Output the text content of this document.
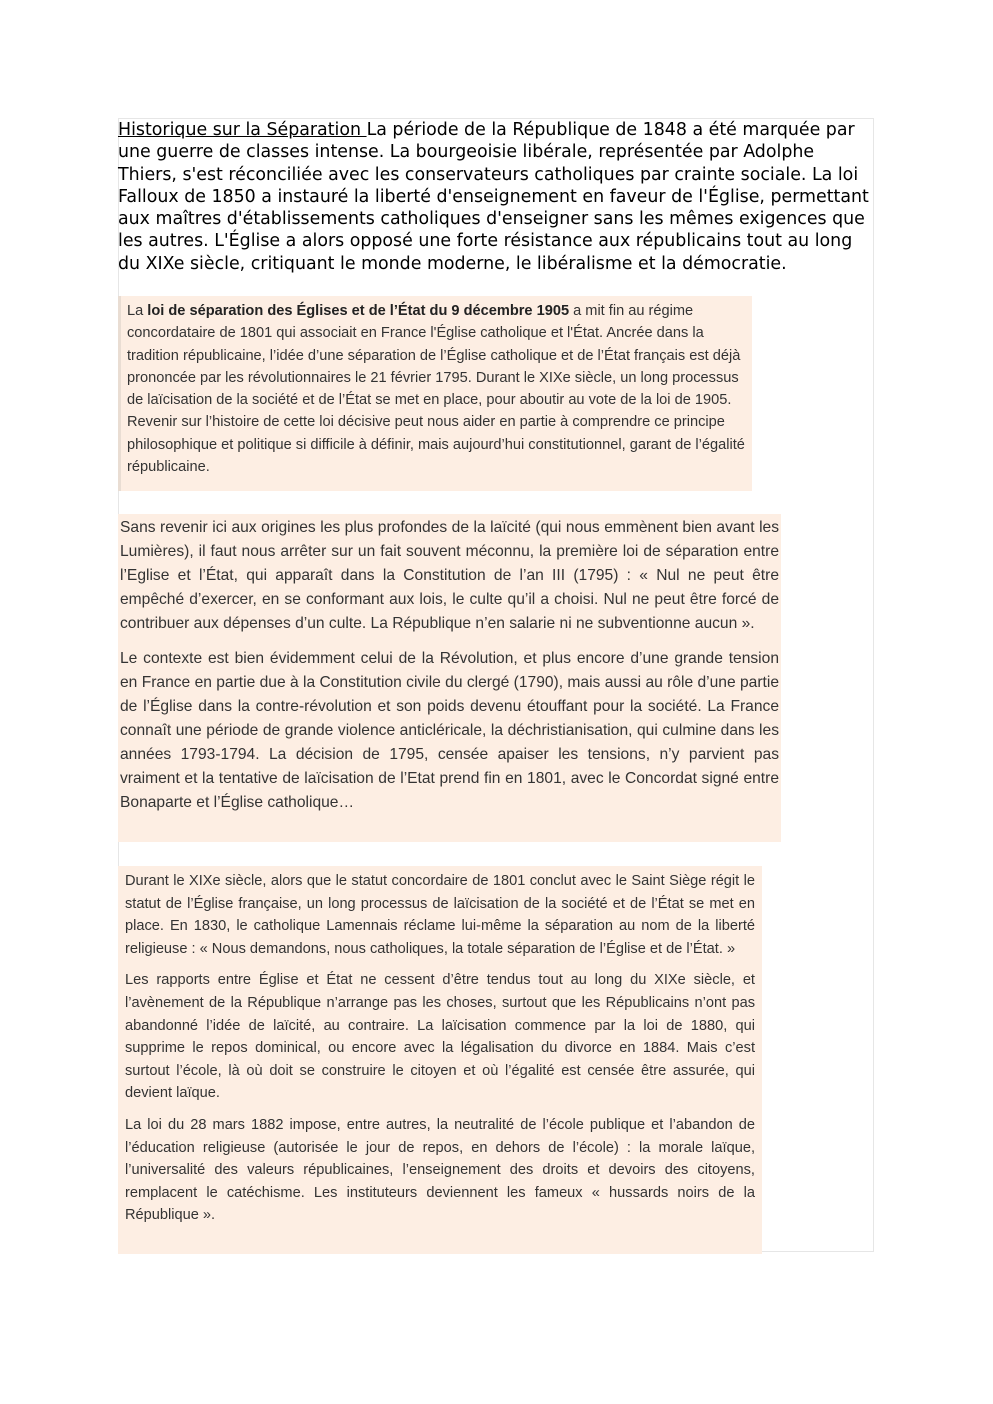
Historique sur la Séparation La période de la République de 1848 a été marquée par une guerre de classes intense. La bourgeoisie libérale, représentée par Adolphe Thiers, s'est réconciliée avec les conservateurs catholiques par crainte sociale. La loi Falloux de 1850 a instauré la liberté d'enseignement en faveur de l'Église, permettant aux maîtres d'établissements catholiques d'enseigner sans les mêmes exigences que les autres. L'Église a alors opposé une forte résistance aux républicains tout au long du XIXe siècle, critiquant le monde moderne, le libéralisme et la démocratie.

La loi de séparation des Églises et de l’État du 9 décembre 1905 a mit fin au régime concordataire de 1801 qui associait en France l'Église catholique et l'État. Ancrée dans la tradition républicaine, l’idée d’une séparation de l’Église catholique et de l’État français est déjà prononcée par les révolutionnaires le 21 février 1795. Durant le XIXe siècle, un long processus de laïcisation de la société et de l’État se met en place, pour aboutir au vote de la loi de 1905. Revenir sur l’histoire de cette loi décisive peut nous aider en partie à comprendre ce principe philosophique et politique si difficile à définir, mais aujourd’hui constitutionnel, garant de l’égalité républicaine.

Sans revenir ici aux origines les plus profondes de la laïcité (qui nous emmènent bien avant les Lumières), il faut nous arrêter sur un fait souvent méconnu, la première loi de séparation entre l’Eglise et l’État, qui apparaît dans la Constitution de l’an III (1795) : « Nul ne peut être empêché d’exercer, en se conformant aux lois, le culte qu’il a choisi. Nul ne peut être forcé de contribuer aux dépenses d’un culte. La République n’en salarie ni ne subventionne aucun ».

Le contexte est bien évidemment celui de la Révolution, et plus encore d’une grande tension en France en partie due à la Constitution civile du clergé (1790), mais aussi au rôle d’une partie de l’Église dans la contre-révolution et son poids devenu étouffant pour la société. La France connaît une période de grande violence anticléricale, la déchristianisation, qui culmine dans les années 1793-1794. La décision de 1795, censée apaiser les tensions, n’y parvient pas vraiment et la tentative de laïcisation de l’Etat prend fin en 1801, avec le Concordat signé entre Bonaparte et l’Église catholique…

Durant le XIXe siècle, alors que le statut concordaire de 1801 conclut avec le Saint Siège régit le statut de l’Église française, un long processus de laïcisation de la société et de l’État se met en place. En 1830, le catholique Lamennais réclame lui-même la séparation au nom de la liberté religieuse : « Nous demandons, nous catholiques, la totale séparation de l’Église et de l’État. »

Les rapports entre Église et État ne cessent d’être tendus tout au long du XIXe siècle, et l’avènement de la République n’arrange pas les choses, surtout que les Républicains n’ont pas abandonné l’idée de laïcité, au contraire. La laïcisation commence par la loi de 1880, qui supprime le repos dominical, ou encore avec la légalisation du divorce en 1884. Mais c’est surtout l’école, là où doit se construire le citoyen et où l’égalité est censée être assurée, qui devient laïque.

La loi du 28 mars 1882 impose, entre autres, la neutralité de l’école publique et l’abandon de l’éducation religieuse (autorisée le jour de repos, en dehors de l’école) : la morale laïque, l’universalité des valeurs républicaines, l’enseignement des droits et devoirs des citoyens, remplacent le catéchisme. Les instituteurs deviennent les fameux « hussards noirs de la République ».
